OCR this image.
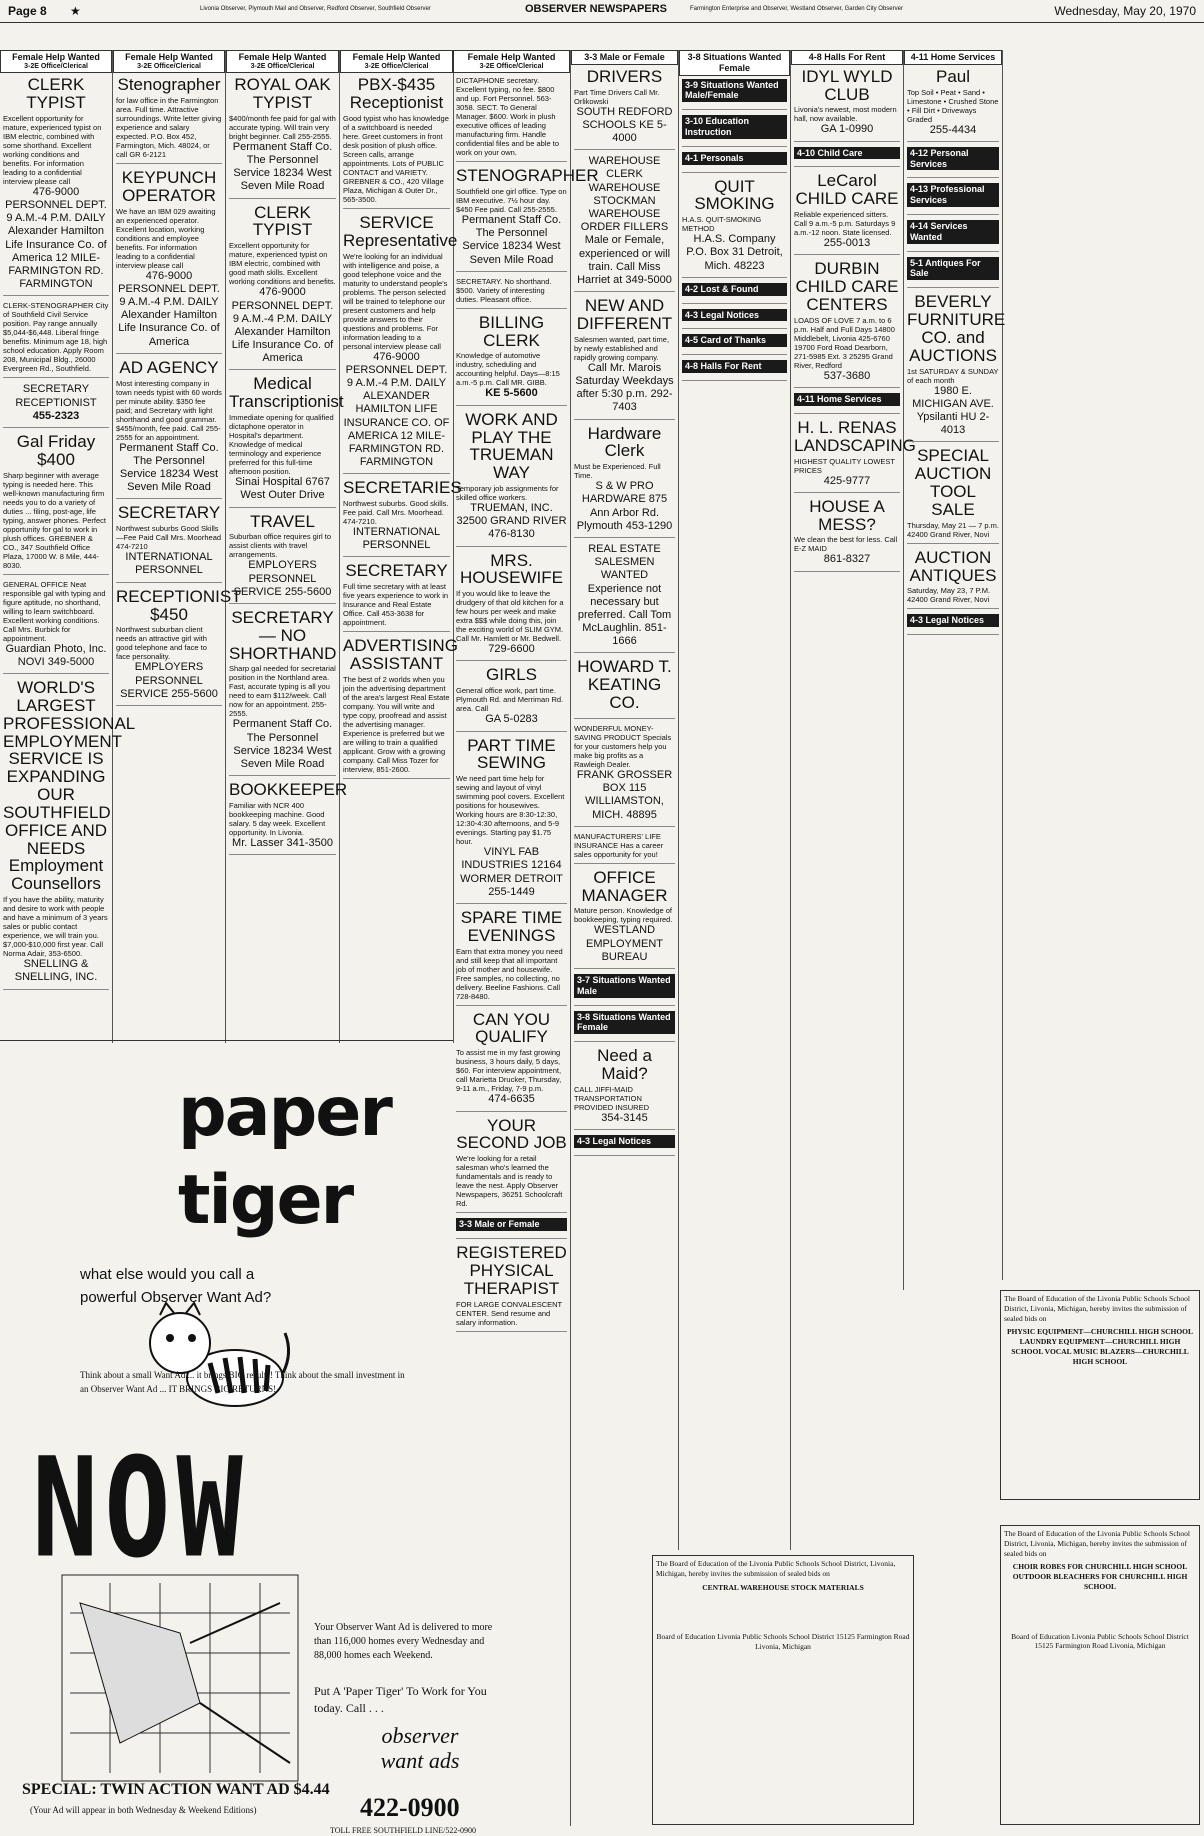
Page 8 ★	Livonia Observer, Plymouth Mail and Observer, Redford Observer, Southfield Observer	OBSERVER NEWSPAPERS	Farmington Enterprise and Observer, Westland Observer, Garden City Observer	Wednesday, May 20, 1970
Female Help Wanted
3-2E Office/Clerical
CLERK TYPIST
Excellent opportunity for mature, experienced typist on IBM electric, combined with some shorthand. Excellent working conditions and benefits. For information leading to a confidential interview please call
476-9000 PERSONNEL DEPT. 9 A.M.-4 P.M. DAILY Alexander Hamilton Life Insurance Co. of America 12 MILE-FARMINGTON RD. FARMINGTON
CLERK-STENOGRAPHER City of Southfield Civil Service position. Pay range annually $5,044-$6,448. Liberal fringe benefits. Minimum age 18, high school education. Apply Room 208, Municipal Bldg., 26000 Evergreen Rd., Southfield.
SECRETARY RECEPTIONIST
455-2323
Gal Friday $400
Sharp beginner with average typing is needed here. This well-known manufacturing firm needs you to do a variety of duties ... filing, post-age, life typing, answer phones. Perfect opportunity for gal to work in plush offices. GREBNER & CO., 347 Southfield Office Plaza, 17000 W. 8 Mile, 444-8030.
GENERAL OFFICE Neat responsible gal with typing and figure aptitude, no shorthand, willing to learn switchboard. Excellent working conditions. Call Mrs. Burbick for appointment.
Guardian Photo, Inc. NOVI 349-5000
WORLD'S LARGEST PROFESSIONAL EMPLOYMENT SERVICE IS EXPANDING OUR SOUTHFIELD OFFICE AND NEEDS Employment Counsellors
If you have the ability, maturity and desire to work with people and have a minimum of 3 years sales or public contact experience, we will train you. $7,000-$10,000 first year. Call Norma Adair, 353-6500.
SNELLING & SNELLING, INC.
Female Help Wanted
3-2E Office/Clerical
Stenographer
for law office in the Farmington area. Full time. Attractive surroundings. Write letter giving experience and salary expected. P.O. Box 452, Farmington, Mich. 48024, or call GR 6-2121
KEYPUNCH OPERATOR
We have an IBM 029 awaiting an experienced operator. Excellent location, working conditions and employee benefits. For information leading to a confidential interview please call
476-9000 PERSONNEL DEPT. 9 A.M.-4 P.M. DAILY Alexander Hamilton Life Insurance Co. of America
AD AGENCY
Most interesting company in town needs typist with 60 words per minute ability. $350 fee paid; and Secretary with light shorthand and good grammar. $455/month, fee paid. Call 255-2555 for an appointment.
Permanent Staff Co. The Personnel Service 18234 West Seven Mile Road
SECRETARY
Northwest suburbs Good Skills—Fee Paid Call Mrs. Moorhead 474-7210
INTERNATIONAL PERSONNEL
RECEPTIONIST $450
Northwest suburban client needs an attractive girl with good telephone and face to face personality.
EMPLOYERS PERSONNEL SERVICE 255-5600
Female Help Wanted
3-2E Office/Clerical
ROYAL OAK TYPIST
$400/month fee paid for gal with accurate typing. Will train very bright beginner. Call 255-2555.
Permanent Staff Co. The Personnel Service 18234 West Seven Mile Road
CLERK TYPIST
Excellent opportunity for mature, experienced typist on IBM electric, combined with good math skills. Excellent working conditions and benefits.
476-9000 PERSONNEL DEPT. 9 A.M.-4 P.M. DAILY Alexander Hamilton Life Insurance Co. of America
Medical Transcriptionist
Immediate opening for qualified dictaphone operator in Hospital's department. Knowledge of medical terminology and experience preferred for this full-time afternoon position.
Sinai Hospital 6767 West Outer Drive
TRAVEL
Suburban office requires girl to assist clients with travel arrangements.
EMPLOYERS PERSONNEL SERVICE 255-5600
SECRETARY— NO SHORTHAND
Sharp gal needed for secretarial position in the Northland area. Fast, accurate typing is all you need to earn $112/week. Call now for an appointment. 255-2555.
Permanent Staff Co. The Personnel Service 18234 West Seven Mile Road
BOOKKEEPER
Familiar with NCR 400 bookkeeping machine. Good salary. 5 day week. Excellent opportunity. In Livonia.
Mr. Lasser 341-3500
Female Help Wanted
3-2E Office/Clerical
PBX-$435 Receptionist
Good typist who has knowledge of a switchboard is needed here. Greet customers in front desk position of plush office. Screen calls, arrange appointments. Lots of PUBLIC CONTACT and VARIETY. GREBNER & CO., 420 Village Plaza, Michigan & Outer Dr., 565-3500.
SERVICE Representative
We're looking for an individual with intelligence and poise, a good telephone voice and the maturity to understand people's problems. The person selected will be trained to telephone our present customers and help provide answers to their questions and problems. For information leading to a personal interview please call
476-9000 PERSONNEL DEPT. 9 A.M.-4 P.M. DAILY ALEXANDER HAMILTON LIFE INSURANCE CO. OF AMERICA 12 MILE-FARMINGTON RD. FARMINGTON
SECRETARIES
Northwest suburbs. Good skills. Fee paid. Call Mrs. Moorhead. 474-7210.
INTERNATIONAL PERSONNEL
SECRETARY
Full time secretary with at least five years experience to work in Insurance and Real Estate Office. Call 453-3638 for appointment.
ADVERTISING ASSISTANT
The best of 2 worlds when you join the advertising department of the area's largest Real Estate company. You will write and type copy, proofread and assist the advertising manager. Experience is preferred but we are willing to train a qualified applicant. Grow with a growing company. Call Miss Tozer for interview, 851-2600.
Female Help Wanted
3-2E Office/Clerical
DICTAPHONE secretary. Excellent typing, no fee. $800 and up. Fort Personnel. 563-3058. SECT. To General Manager. $600. Work in plush executive offices of leading manufacturing firm. Handle confidential files and be able to work on your own.
STENOGRAPHER
Southfield one girl office. Type on IBM executive. 7½ hour day. $450 Fee paid. Call 255-2555.
Permanent Staff Co. The Personnel Service 18234 West Seven Mile Road
SECRETARY. No shorthand. $500. Variety of interesting duties. Pleasant office.
BILLING CLERK
Knowledge of automotive industry, scheduling and accounting helpful. Days—8:15 a.m.-5 p.m. Call MR. GIBB.
KE 5-5600
WORK AND PLAY THE TRUEMAN WAY
Temporary job assignments for skilled office workers.
TRUEMAN, INC. 32500 GRAND RIVER 476-8130
MRS. HOUSEWIFE
If you would like to leave the drudgery of that old kitchen for a few hours per week and make extra $$$ while doing this, join the exciting world of SLIM GYM. Call Mr. Hamlett or Mr. Bedwell.
729-6600
GIRLS
General office work, part time. Plymouth Rd. and Merriman Rd. area. Call
GA 5-0283
PART TIME SEWING
We need part time help for sewing and layout of vinyl swimming pool covers. Excellent positions for housewives. Working hours are 8:30-12:30, 12:30-4:30 afternoons, and 5-9 evenings. Starting pay $1.75 hour.
VINYL FAB INDUSTRIES 12164 WORMER DETROIT 255-1449
SPARE TIME EVENINGS
Earn that extra money you need and still keep that all important job of mother and housewife. Free samples, no collecting, no delivery. Beeline Fashions. Call 728-8480.
CAN YOU QUALIFY
To assist me in my fast growing business, 3 hours daily, 5 days, $60. For interview appointment, call Marietta Drucker, Thursday, 9-11 a.m., Friday, 7-9 p.m.
474-6635
YOUR SECOND JOB
We're looking for a retail salesman who's learned the fundamentals and is ready to leave the nest. Apply Observer Newspapers, 36251 Schoolcraft Rd.
3-3 Male or Female
REGISTERED PHYSICAL THERAPIST
FOR LARGE CONVALESCENT CENTER. Send resume and salary information.
3-3 Male or Female
DRIVERS
Part Time Drivers Call Mr. Orlikowski
SOUTH REDFORD SCHOOLS KE 5-4000
WAREHOUSE CLERK WAREHOUSE STOCKMAN WAREHOUSE ORDER FILLERS Male or Female, experienced or will train. Call Miss Harriet at 349-5000
NEW AND DIFFERENT
Salesmen wanted, part time, by newly established and rapidly growing company.
Call Mr. Marois Saturday Weekdays after 5:30 p.m. 292-7403
Hardware Clerk
Must be Experienced. Full Time.
S & W PRO HARDWARE 875 Ann Arbor Rd. Plymouth 453-1290
REAL ESTATE SALESMEN WANTED Experience not necessary but preferred. Call Tom McLaughlin. 851-1666
HOWARD T. KEATING CO.
WONDERFUL MONEY-SAVING PRODUCT Specials for your customers help you make big profits as a Rawleigh Dealer.
FRANK GROSSER BOX 115 WILLIAMSTON, MICH. 48895
MANUFACTURERS' LIFE INSURANCE Has a career sales opportunity for you!
OFFICE MANAGER
Mature person. Knowledge of bookkeeping, typing required.
WESTLAND EMPLOYMENT BUREAU
3-7 Situations Wanted Male
3-8 Situations Wanted Female
Need a Maid?
CALL JIFFI-MAID TRANSPORTATION PROVIDED INSURED
354-3145
4-3 Legal Notices
3-8 Situations Wanted Female
3-9 Situations Wanted Male/Female
3-10 Education Instruction
4-1 Personals
QUIT SMOKING
H.A.S. QUIT-SMOKING METHOD
H.A.S. Company P.O. Box 31 Detroit, Mich. 48223
4-2 Lost & Found
4-3 Legal Notices
4-5 Card of Thanks
4-8 Halls For Rent
4-8 Halls For Rent
IDYL WYLD CLUB
Livonia's newest, most modern hall, now available.
GA 1-0990
4-10 Child Care
LeCarol CHILD CARE
Reliable experienced sitters. Call 9 a.m.-5 p.m. Saturdays 9 a.m.-12 noon. State licensed.
255-0013
DURBIN CHILD CARE CENTERS
LOADS OF LOVE 7 a.m. to 6 p.m. Half and Full Days 14800 Middlebelt, Livonia 425-6760 19700 Ford Road Dearborn, 271-5985 Ext. 3 25295 Grand River, Redford
537-3680
4-11 Home Services
H. L. RENAS LANDSCAPING
HIGHEST QUALITY LOWEST PRICES
425-9777
HOUSE A MESS?
We clean the best for less. Call E-Z MAID
861-8327
4-11 Home Services
Paul
Top Soil • Peat • Sand • Limestone • Crushed Stone • Fill Dirt • Driveways Graded
255-4434
4-12 Personal Services
4-13 Professional Services
4-14 Services Wanted
5-1 Antiques For Sale
BEVERLY FURNITURE CO. and AUCTIONS
1st SATURDAY & SUNDAY of each month
1980 E. MICHIGAN AVE. Ypsilanti HU 2-4013
SPECIAL AUCTION TOOL SALE
Thursday, May 21 — 7 p.m. 42400 Grand River, Novi
AUCTION ANTIQUES
Saturday, May 23, 7 P.M. 42400 Grand River, Novi
4-3 Legal Notices
paper
tiger
what else would you call a powerful Observer Want Ad?
Think about a small Want Ad ... it brings BIG results! Think about the small investment in an Observer Want Ad ... IT BRINGS BIG RETURNS!
NOW
Your Observer Want Ad is delivered to more than 116,000 homes every Wednesday and 88,000 homes each Weekend.
Put A 'Paper Tiger' To Work for You today. Call . . .
observer want ads
422-0900
TOLL FREE SOUTHFIELD LINE/522-0900
SPECIAL: TWIN ACTION WANT AD $4.44
(Your Ad will appear in both Wednesday & Weekend Editions)
The Board of Education of the Livonia Public Schools School District, Livonia, Michigan, hereby invites the submission of sealed bids on
CENTRAL WAREHOUSE STOCK MATERIALS
Board of Education Livonia Public Schools School District 15125 Farmington Road Livonia, Michigan
The Board of Education of the Livonia Public Schools School District, Livonia, Michigan, hereby invites the submission of sealed bids on
PHYSIC EQUIPMENT—CHURCHILL HIGH SCHOOL LAUNDRY EQUIPMENT—CHURCHILL HIGH SCHOOL VOCAL MUSIC BLAZERS—CHURCHILL HIGH SCHOOL
The Board of Education of the Livonia Public Schools School District, Livonia, Michigan, hereby invites the submission of sealed bids on
CHOIR ROBES FOR CHURCHILL HIGH SCHOOL OUTDOOR BLEACHERS FOR CHURCHILL HIGH SCHOOL
Board of Education Livonia Public Schools School District 15125 Farmington Road Livonia, Michigan
